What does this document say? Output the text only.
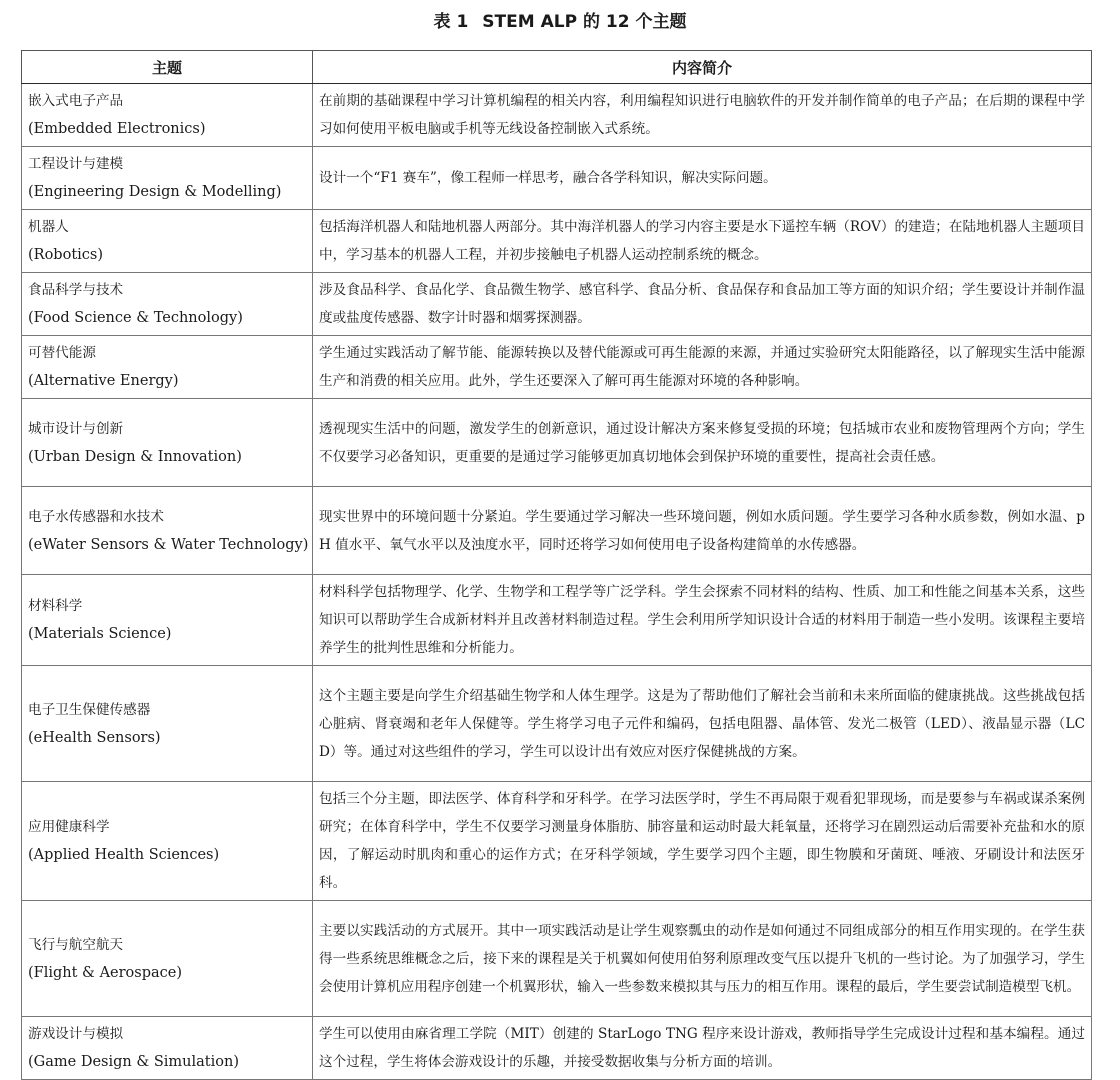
表 1 STEM ALP 的 12 个主题
主题	内容简介

嵌入式电子产品
(Embedded Electronics)	在前期的基础课程中学习计算机编程的相关内容，利用编程知识进行电脑软件的开发并制作简单的电子产品；在后期的课程中学习如何使用平板电脑或手机等无线设备控制嵌入式系统。

工程设计与建模
(Engineering Design & Modelling)	设计一个“F1 赛车”，像工程师一样思考，融合各学科知识，解决实际问题。

机器人
(Robotics)	包括海洋机器人和陆地机器人两部分。其中海洋机器人的学习内容主要是水下遥控车辆（ROV）的建造；在陆地机器人主题项目中，学习基本的机器人工程，并初步接触电子机器人运动控制系统的概念。

食品科学与技术
(Food Science & Technology)	涉及食品科学、食品化学、食品微生物学、感官科学、食品分析、食品保存和食品加工等方面的知识介绍；学生要设计并制作温度或盐度传感器、数字计时器和烟雾探测器。

可替代能源
(Alternative Energy)	学生通过实践活动了解节能、能源转换以及替代能源或可再生能源的来源，并通过实验研究太阳能路径，以了解现实生活中能源生产和消费的相关应用。此外，学生还要深入了解可再生能源对环境的各种影响。

城市设计与创新
(Urban Design & Innovation)	透视现实生活中的问题，激发学生的创新意识，通过设计解决方案来修复受损的环境；包括城市农业和废物管理两个方向；学生不仅要学习必备知识，更重要的是通过学习能够更加真切地体会到保护环境的重要性，提高社会责任感。

电子水传感器和水技术
(eWater Sensors & Water Technology)	现实世界中的环境问题十分紧迫。学生要通过学习解决一些环境问题，例如水质问题。学生要学习各种水质参数，例如水温、pH 值水平、氧气水平以及浊度水平，同时还将学习如何使用电子设备构建简单的水传感器。

材料科学
(Materials Science)	材料科学包括物理学、化学、生物学和工程学等广泛学科。学生会探索不同材料的结构、性质、加工和性能之间基本关系，这些知识可以帮助学生合成新材料并且改善材料制造过程。学生会利用所学知识设计合适的材料用于制造一些小发明。该课程主要培养学生的批判性思维和分析能力。

电子卫生保健传感器
(eHealth Sensors)	这个主题主要是向学生介绍基础生物学和人体生理学。这是为了帮助他们了解社会当前和未来所面临的健康挑战。这些挑战包括心脏病、肾衰竭和老年人保健等。学生将学习电子元件和编码，包括电阻器、晶体管、发光二极管（LED）、液晶显示器（LCD）等。通过对这些组件的学习，学生可以设计出有效应对医疗保健挑战的方案。

应用健康科学
(Applied Health Sciences)	包括三个分主题，即法医学、体育科学和牙科学。在学习法医学时，学生不再局限于观看犯罪现场，而是要参与车祸或谋杀案例研究；在体育科学中，学生不仅要学习测量身体脂肪、肺容量和运动时最大耗氧量，还将学习在剧烈运动后需要补充盐和水的原因，了解运动时肌肉和重心的运作方式；在牙科学领域，学生要学习四个主题，即生物膜和牙菌斑、唾液、牙刷设计和法医牙科。

飞行与航空航天
(Flight & Aerospace)	主要以实践活动的方式展开。其中一项实践活动是让学生观察瓢虫的动作是如何通过不同组成部分的相互作用实现的。在学生获得一些系统思维概念之后，接下来的课程是关于机翼如何使用伯努利原理改变气压以提升飞机的一些讨论。为了加强学习，学生会使用计算机应用程序创建一个机翼形状，输入一些参数来模拟其与压力的相互作用。课程的最后，学生要尝试制造模型飞机。

游戏设计与模拟
(Game Design & Simulation)	学生可以使用由麻省理工学院（MIT）创建的 StarLogo TNG 程序来设计游戏，教师指导学生完成设计过程和基本编程。通过这个过程，学生将体会游戏设计的乐趣，并接受数据收集与分析方面的培训。
